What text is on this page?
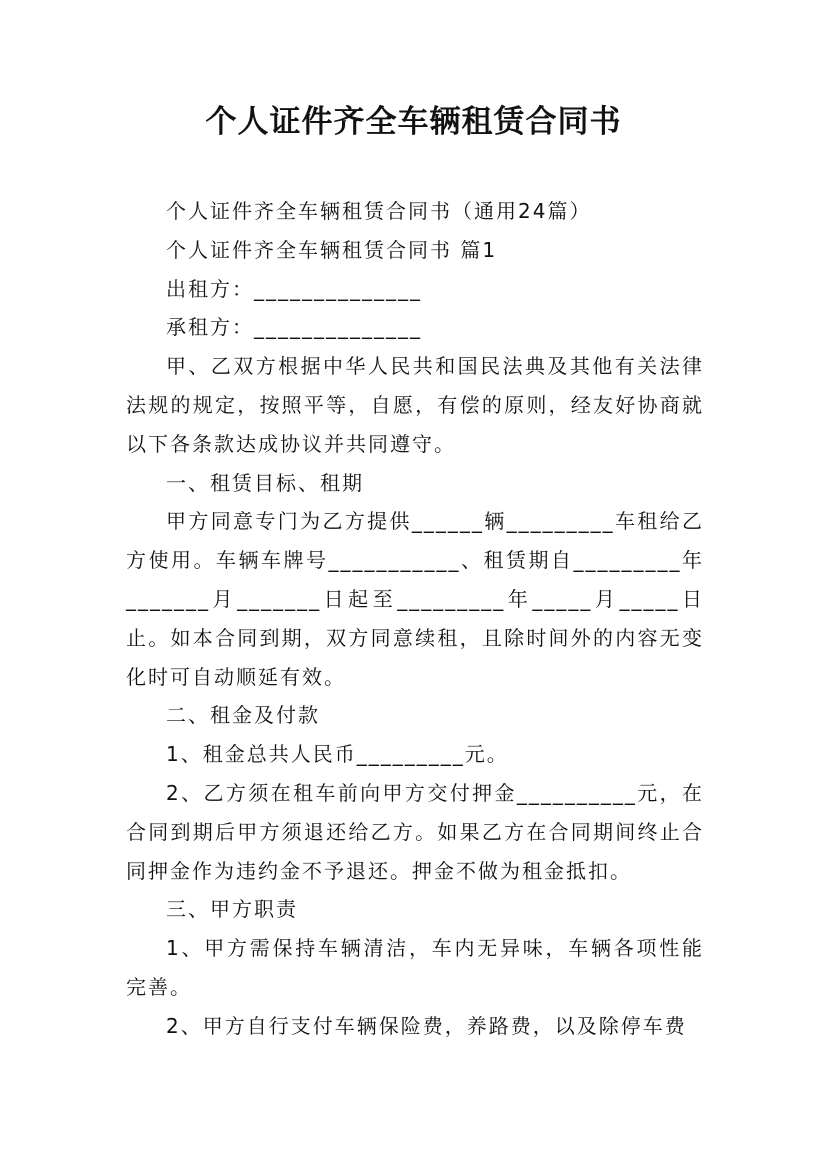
个人证件齐全车辆租赁合同书

个人证件齐全车辆租赁合同书（通用24篇）

个人证件齐全车辆租赁合同书 篇1

出租方：______________

承租方：______________

甲、乙双方根据中华人民共和国民法典及其他有关法律法规的规定，按照平等，自愿，有偿的原则，经友好协商就以下各条款达成协议并共同遵守。

一、租赁目标、租期

甲方同意专门为乙方提供______辆_________车租给乙方使用。车辆车牌号___________、租赁期自_________年_______月_______日起至_________年_____月_____日止。如本合同到期，双方同意续租，且除时间外的内容无变化时可自动顺延有效。

二、租金及付款

1、租金总共人民币_________元。

2、乙方须在租车前向甲方交付押金__________元，在合同到期后甲方须退还给乙方。如果乙方在合同期间终止合同押金作为违约金不予退还。押金不做为租金抵扣。

三、甲方职责

1、甲方需保持车辆清洁，车内无异味，车辆各项性能完善。

2、甲方自行支付车辆保险费，养路费，以及除停车费
